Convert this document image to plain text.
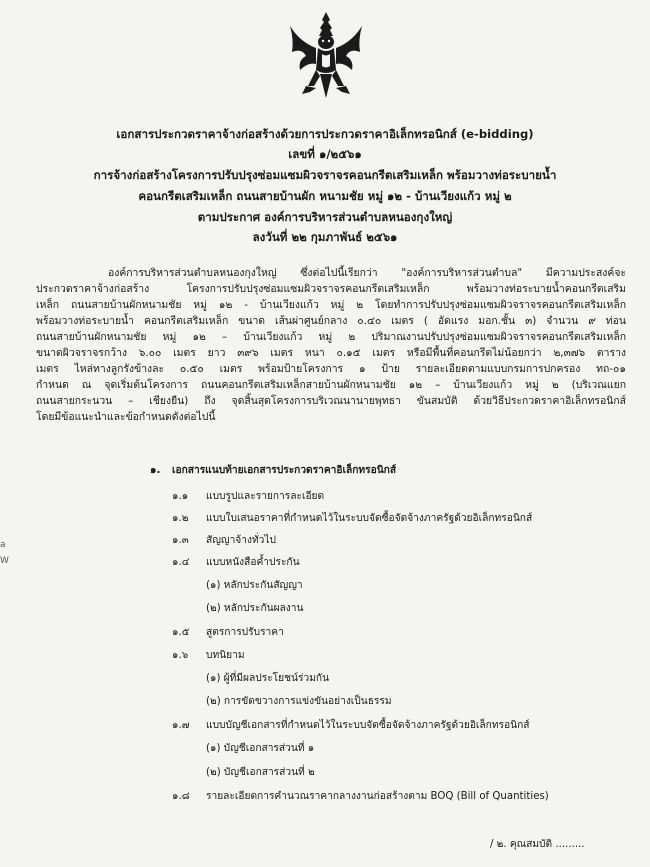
เอกสารประกวดราคาจ้างก่อสร้างด้วยการประกวดราคาอิเล็กทรอนิกส์ (e-bidding)
เลขที่ ๑/๒๕๖๑
การจ้างก่อสร้างโครงการปรับปรุงซ่อมแซมผิวจราจรคอนกรีตเสริมเหล็ก พร้อมวางท่อระบายน้ำ
คอนกรีตเสริมเหล็ก ถนนสายบ้านผัก หนามชัย หมู่ ๑๒ - บ้านเวียงแก้ว หมู่ ๒
ตามประกาศ องค์การบริหารส่วนตำบลหนองกุงใหญ่
ลงวันที่ ๒๒ กุมภาพันธ์ ๒๕๖๑
องค์การบริหารส่วนตำบลหนองกุงใหญ่ ซึ่งต่อไปนี้เรียกว่า "องค์การบริหารส่วนตำบล" มีความประสงค์จะ
ประกวดราคาจ้างก่อสร้าง โครงการปรับปรุงซ่อมแซมผิวจราจรคอนกรีตเสริมเหล็ก พร้อมวางท่อระบายน้ำคอนกรีตเสริม
เหล็ก ถนนสายบ้านผักหนามชัย หมู่ ๑๒ - บ้านเวียงแก้ว หมู่ ๒ โดยทำการปรับปรุงซ่อมแซมผิวจราจรคอนกรีตเสริมเหล็ก
พร้อมวางท่อระบายน้ำ คอนกรีตเสริมเหล็ก ขนาด เส้นผ่าศูนย์กลาง ๐.๔๐ เมตร ( อัดแรง มอก.ชั้น ๓) จำนวน ๙ ท่อน
ถนนสายบ้านผักหนามชัย หมู่ ๑๒ – บ้านเวียงแก้ว หมู่ ๒ ปริมาณงานปรับปรุงซ่อมแซมผิวจราจรคอนกรีตเสริมเหล็ก
ขนาดผิวจราจรกว้าง ๖.๐๐ เมตร ยาว ๓๙๖ เมตร หนา ๐.๑๕ เมตร หรือมีพื้นที่คอนกรีตไม่น้อยกว่า ๒,๓๗๖ ตาราง
เมตร ไหล่ทางลูกรังข้างละ ๐.๕๐ เมตร พร้อมป้ายโครงการ ๑ ป้าย รายละเอียดตามแบบกรมการปกครอง ทถ-๐๑
กำหนด ณ จุดเริ่มต้นโครงการ ถนนคอนกรีตเสริมเหล็กสายบ้านผักหนามชัย ๑๒ – บ้านเวียงแก้ว หมู่ ๒ (บริเวณแยก
ถนนสายกระนวน – เชียงยืน) ถึง จุดสิ้นสุดโครงการบริเวณนานายพุทธา ขันสมบัติ ด้วยวิธีประกวดราคาอิเล็กทรอนิกส์
โดยมีข้อแนะนำและข้อกำหนดดังต่อไปนี้
๑. เอกสารแนบท้ายเอกสารประกวดราคาอิเล็กทรอนิกส์
๑.๑ แบบรูปและรายการละเอียด
๑.๒ แบบใบเสนอราคาที่กำหนดไว้ในระบบจัดซื้อจัดจ้างภาครัฐด้วยอิเล็กทรอนิกส์
๑.๓ สัญญาจ้างทั่วไป
๑.๔ แบบหนังสือค้ำประกัน
(๑) หลักประกันสัญญา
(๒) หลักประกันผลงาน
๑.๕ สูตรการปรับราคา
๑.๖ บทนิยาม
(๑) ผู้ที่มีผลประโยชน์ร่วมกัน
(๒) การขัดขวางการแข่งขันอย่างเป็นธรรม
๑.๗ แบบบัญชีเอกสารที่กำหนดไว้ในระบบจัดซื้อจัดจ้างภาครัฐด้วยอิเล็กทรอนิกส์
(๑) บัญชีเอกสารส่วนที่ ๑
(๒) บัญชีเอกสารส่วนที่ ๒
๑.๘ รายละเอียดการคำนวณราคากลางงานก่อสร้างตาม BOQ (Bill of Quantities)
/ ๒. คุณสมบัติ .........
a
W
